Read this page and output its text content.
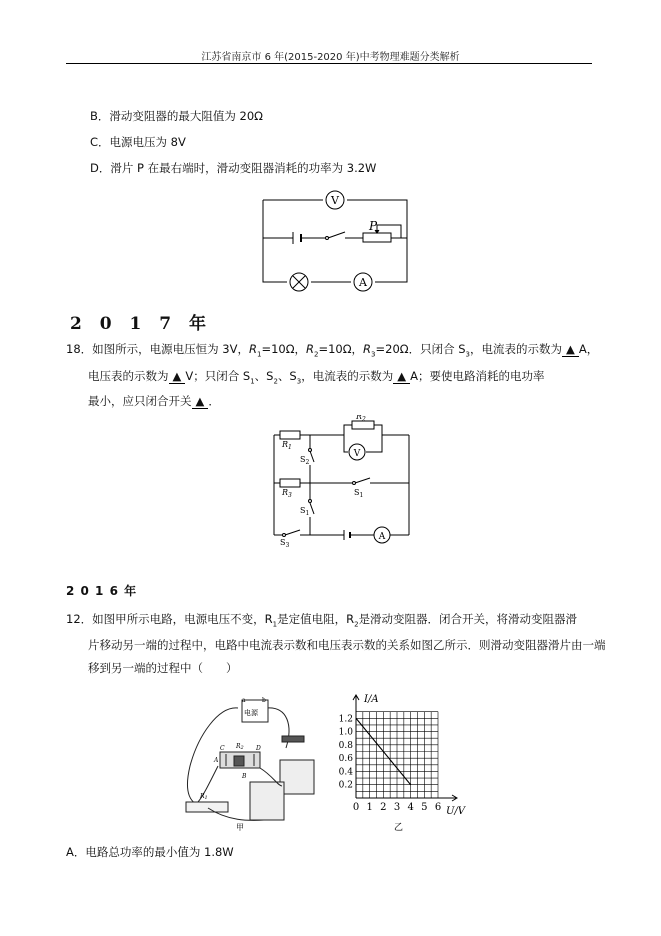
江苏省南京市 6 年(2015-2020 年)中考物理难题分类解析
B．滑动变阻器的最大阻值为 20Ω
C．电源电压为 8V
D．滑片 P 在最右端时，滑动变阻器消耗的功率为 3.2W
V
A
P
2 0 1 7 年
18．如图所示，电源电压恒为 3V，$R_1=10\Omega$，$R_2=10\Omega$，$R_3=20\Omega$．只闭合 $S_3$，电流表的示数为 ▲ A，
电压表的示数为 ▲ V；只闭合 $S_1$、$S_2$、$S_3$，电流表的示数为 ▲ A；要使电路消耗的电功率
最小，应只闭合开关 ▲ ．
$R_1$
$R_2$
$R_3$
$S_2$
$S_1$
$S_1$
$S_3$
V
A
2 0 1 6 年
12．如图甲所示电路，电源电压不变，$R_1$是定值电阻，$R_2$是滑动变阻器．闭合开关，将滑动变阻器滑
片移动另一端的过程中，电路中电流表示数和电压表示数的关系如图乙所示．则滑动变阻器滑片由一端
移到另一端的过程中（　　）
a	b
电源
C R2 D
A
B
R1
甲
0 1 2 3 4 5 6
0.2
0.4
0.6
0.8
1.0
1.2
I/A
U/V
乙
A．电路总功率的最小值为 1.8W
